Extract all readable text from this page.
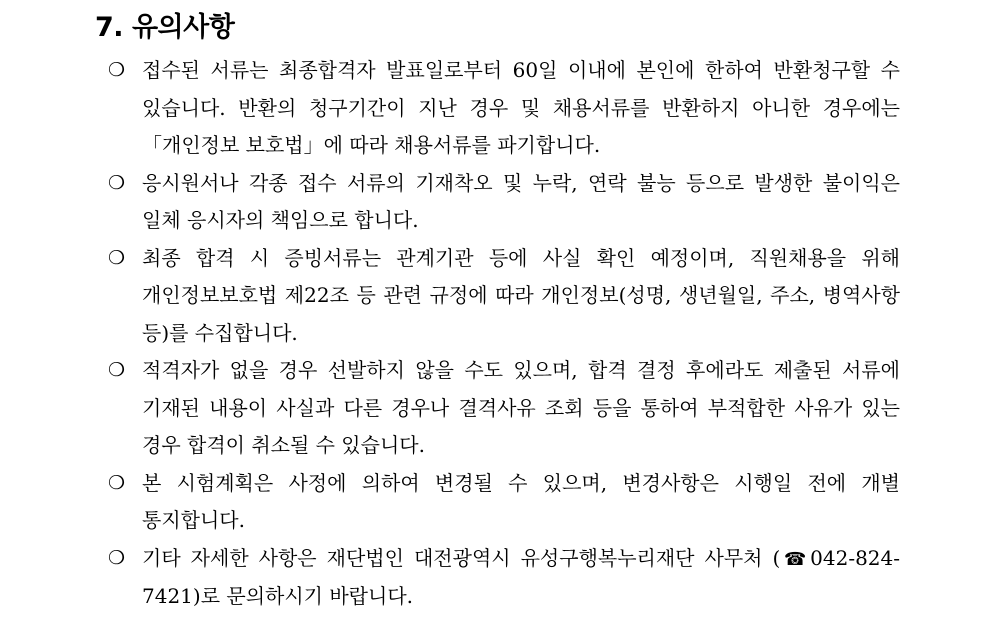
7. 유의사항
❍ 접수된 서류는 최종합격자 발표일로부터 60일 이내에 본인에 한하여 반환청구할 수 있습니다. 반환의 청구기간이 지난 경우 및 채용서류를 반환하지 아니한 경우에는「개인정보 보호법」에 따라 채용서류를 파기합니다.
❍ 응시원서나 각종 접수 서류의 기재착오 및 누락, 연락 불능 등으로 발생한 불이익은 일체 응시자의 책임으로 합니다.
❍ 최종 합격 시 증빙서류는 관계기관 등에 사실 확인 예정이며, 직원채용을 위해 개인정보보호법 제22조 등 관련 규정에 따라 개인정보(성명, 생년월일, 주소, 병역사항 등)를 수집합니다.
❍ 적격자가 없을 경우 선발하지 않을 수도 있으며, 합격 결정 후에라도 제출된 서류에 기재된 내용이 사실과 다른 경우나 결격사유 조회 등을 통하여 부적합한 사유가 있는 경우 합격이 취소될 수 있습니다.
❍ 본 시험계획은 사정에 의하여 변경될 수 있으며, 변경사항은 시행일 전에 개별 통지합니다.
❍ 기타 자세한 사항은 재단법인 대전광역시 유성구행복누리재단 사무처 (☎042-824-7421)로 문의하시기 바랍니다.
